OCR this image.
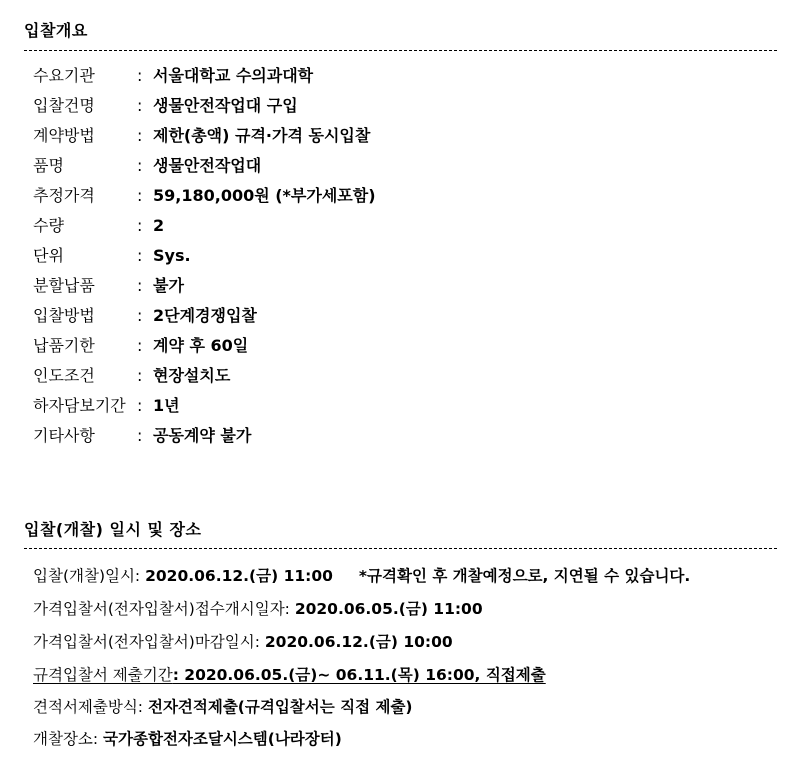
입찰개요
수요기관	: 서울대학교 수의과대학
입찰건명	: 생물안전작업대 구입
계약방법	: 제한(총액) 규격·가격 동시입찰
품명	: 생물안전작업대
추정가격	: 59,180,000원 (*부가세포함)
수량	: 2
단위	: Sys.
분할납품	: 불가
입찰방법	: 2단계경쟁입찰
납품기한	: 계약 후 60일
인도조건	: 현장설치도
하자담보기간 : 1년
기타사항	: 공동계약 불가
입찰(개찰) 일시 및 장소
입찰(개찰)일시: 2020.06.12.(금) 11:00 *규격확인 후 개찰예정으로, 지연될 수 있습니다.
가격입찰서(전자입찰서)접수개시일자: 2020.06.05.(금) 11:00
가격입찰서(전자입찰서)마감일시: 2020.06.12.(금) 10:00
규격입찰서 제출기간: 2020.06.05.(금)~ 06.11.(목) 16:00, 직접제출
견적서제출방식: 전자견적제출(규격입찰서는 직접 제출)
개찰장소: 국가종합전자조달시스템(나라장터)
